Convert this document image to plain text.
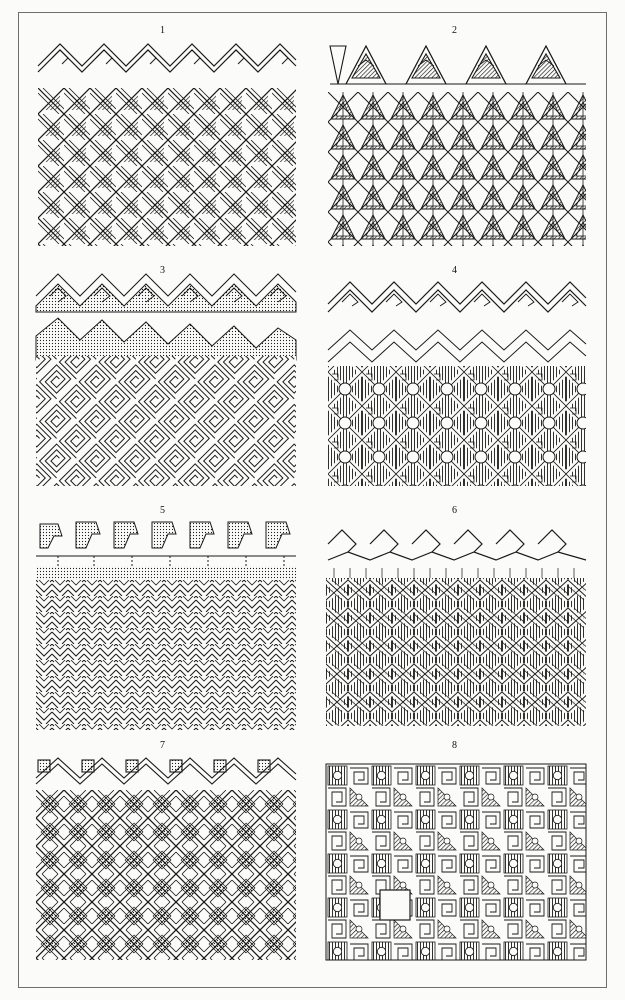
1	2
3	4
5	6
7	8
